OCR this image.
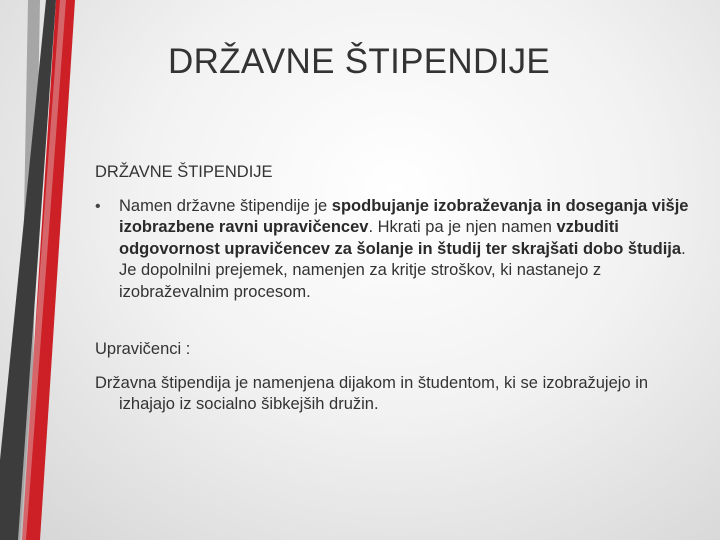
DRŽAVNE ŠTIPENDIJE

DRŽAVNE ŠTIPENDIJE

•	Namen državne štipendije je spodbujanje izobraževanja in doseganja višje izobrazbene ravni upravičencev. Hkrati pa je njen namen vzbuditi odgovornost upravičencev za šolanje in študij ter skrajšati dobo študija. Je dopolnilni prejemek, namenjen za kritje stroškov, ki nastanejo z izobraževalnim procesom.

Upravičenci :

Državna štipendija je namenjena dijakom in študentom, ki se izobražujejo in izhajajo iz socialno šibkejših družin.
